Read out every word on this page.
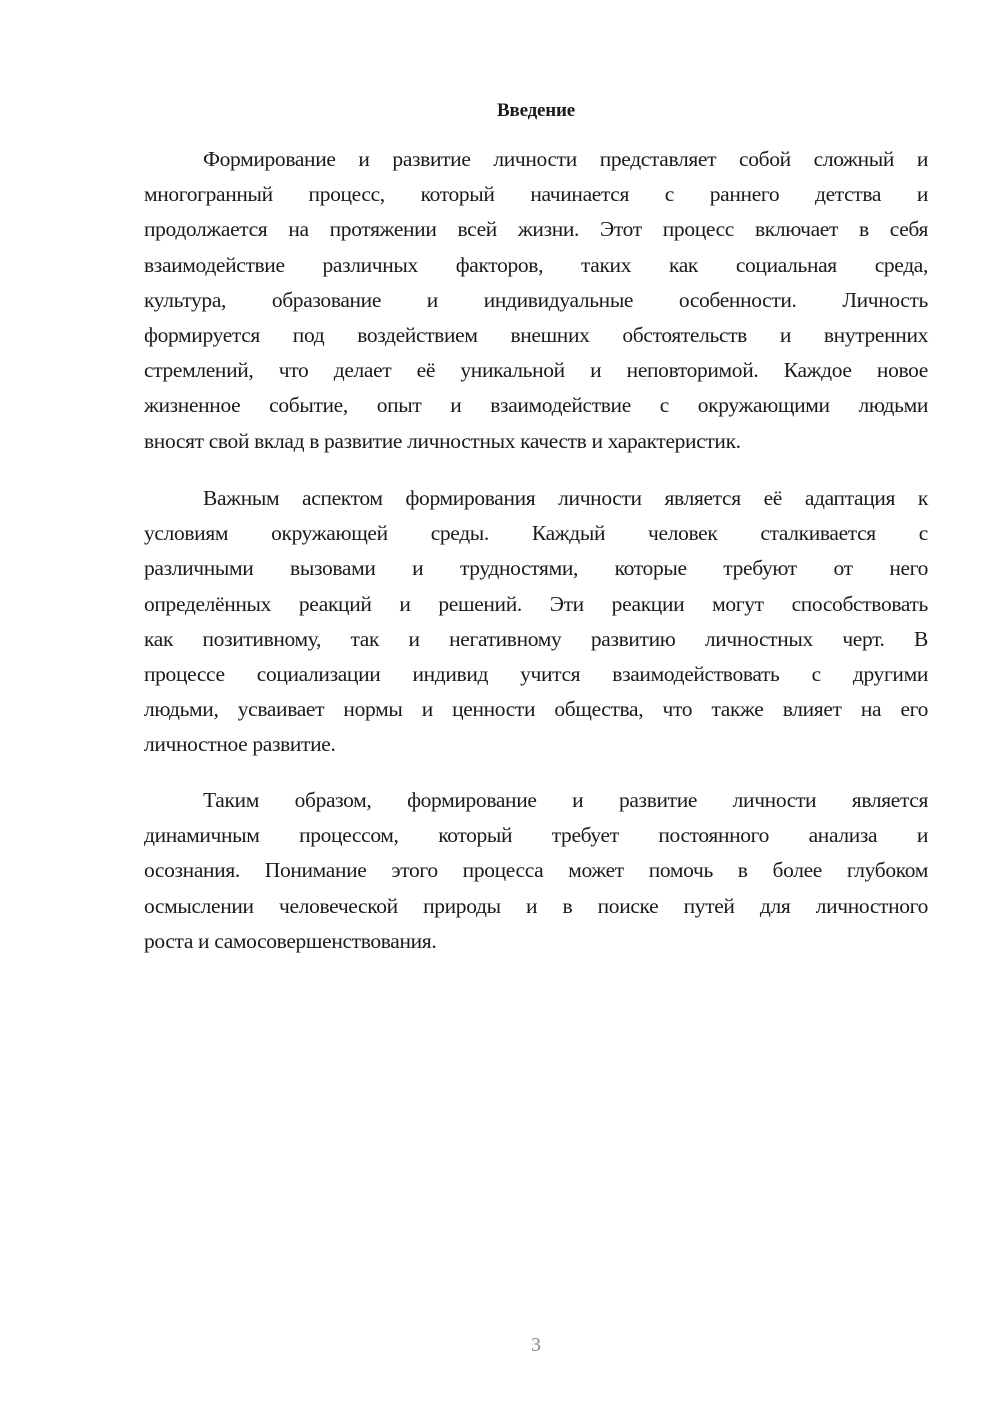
Введение
Формирование и развитие личности представляет собой сложный и
многогранный процесс, который начинается с раннего детства и
продолжается на протяжении всей жизни. Этот процесс включает в себя
взаимодействие различных факторов, таких как социальная среда,
культура, образование и индивидуальные особенности. Личность
формируется под воздействием внешних обстоятельств и внутренних
стремлений, что делает её уникальной и неповторимой. Каждое новое
жизненное событие, опыт и взаимодействие с окружающими людьми
вносят свой вклад в развитие личностных качеств и характеристик.
Важным аспектом формирования личности является её адаптация к
условиям окружающей среды. Каждый человек сталкивается с
различными вызовами и трудностями, которые требуют от него
определённых реакций и решений. Эти реакции могут способствовать
как позитивному, так и негативному развитию личностных черт. В
процессе социализации индивид учится взаимодействовать с другими
людьми, усваивает нормы и ценности общества, что также влияет на его
личностное развитие.
Таким образом, формирование и развитие личности является
динамичным процессом, который требует постоянного анализа и
осознания. Понимание этого процесса может помочь в более глубоком
осмыслении человеческой природы и в поиске путей для личностного
роста и самосовершенствования.
3
